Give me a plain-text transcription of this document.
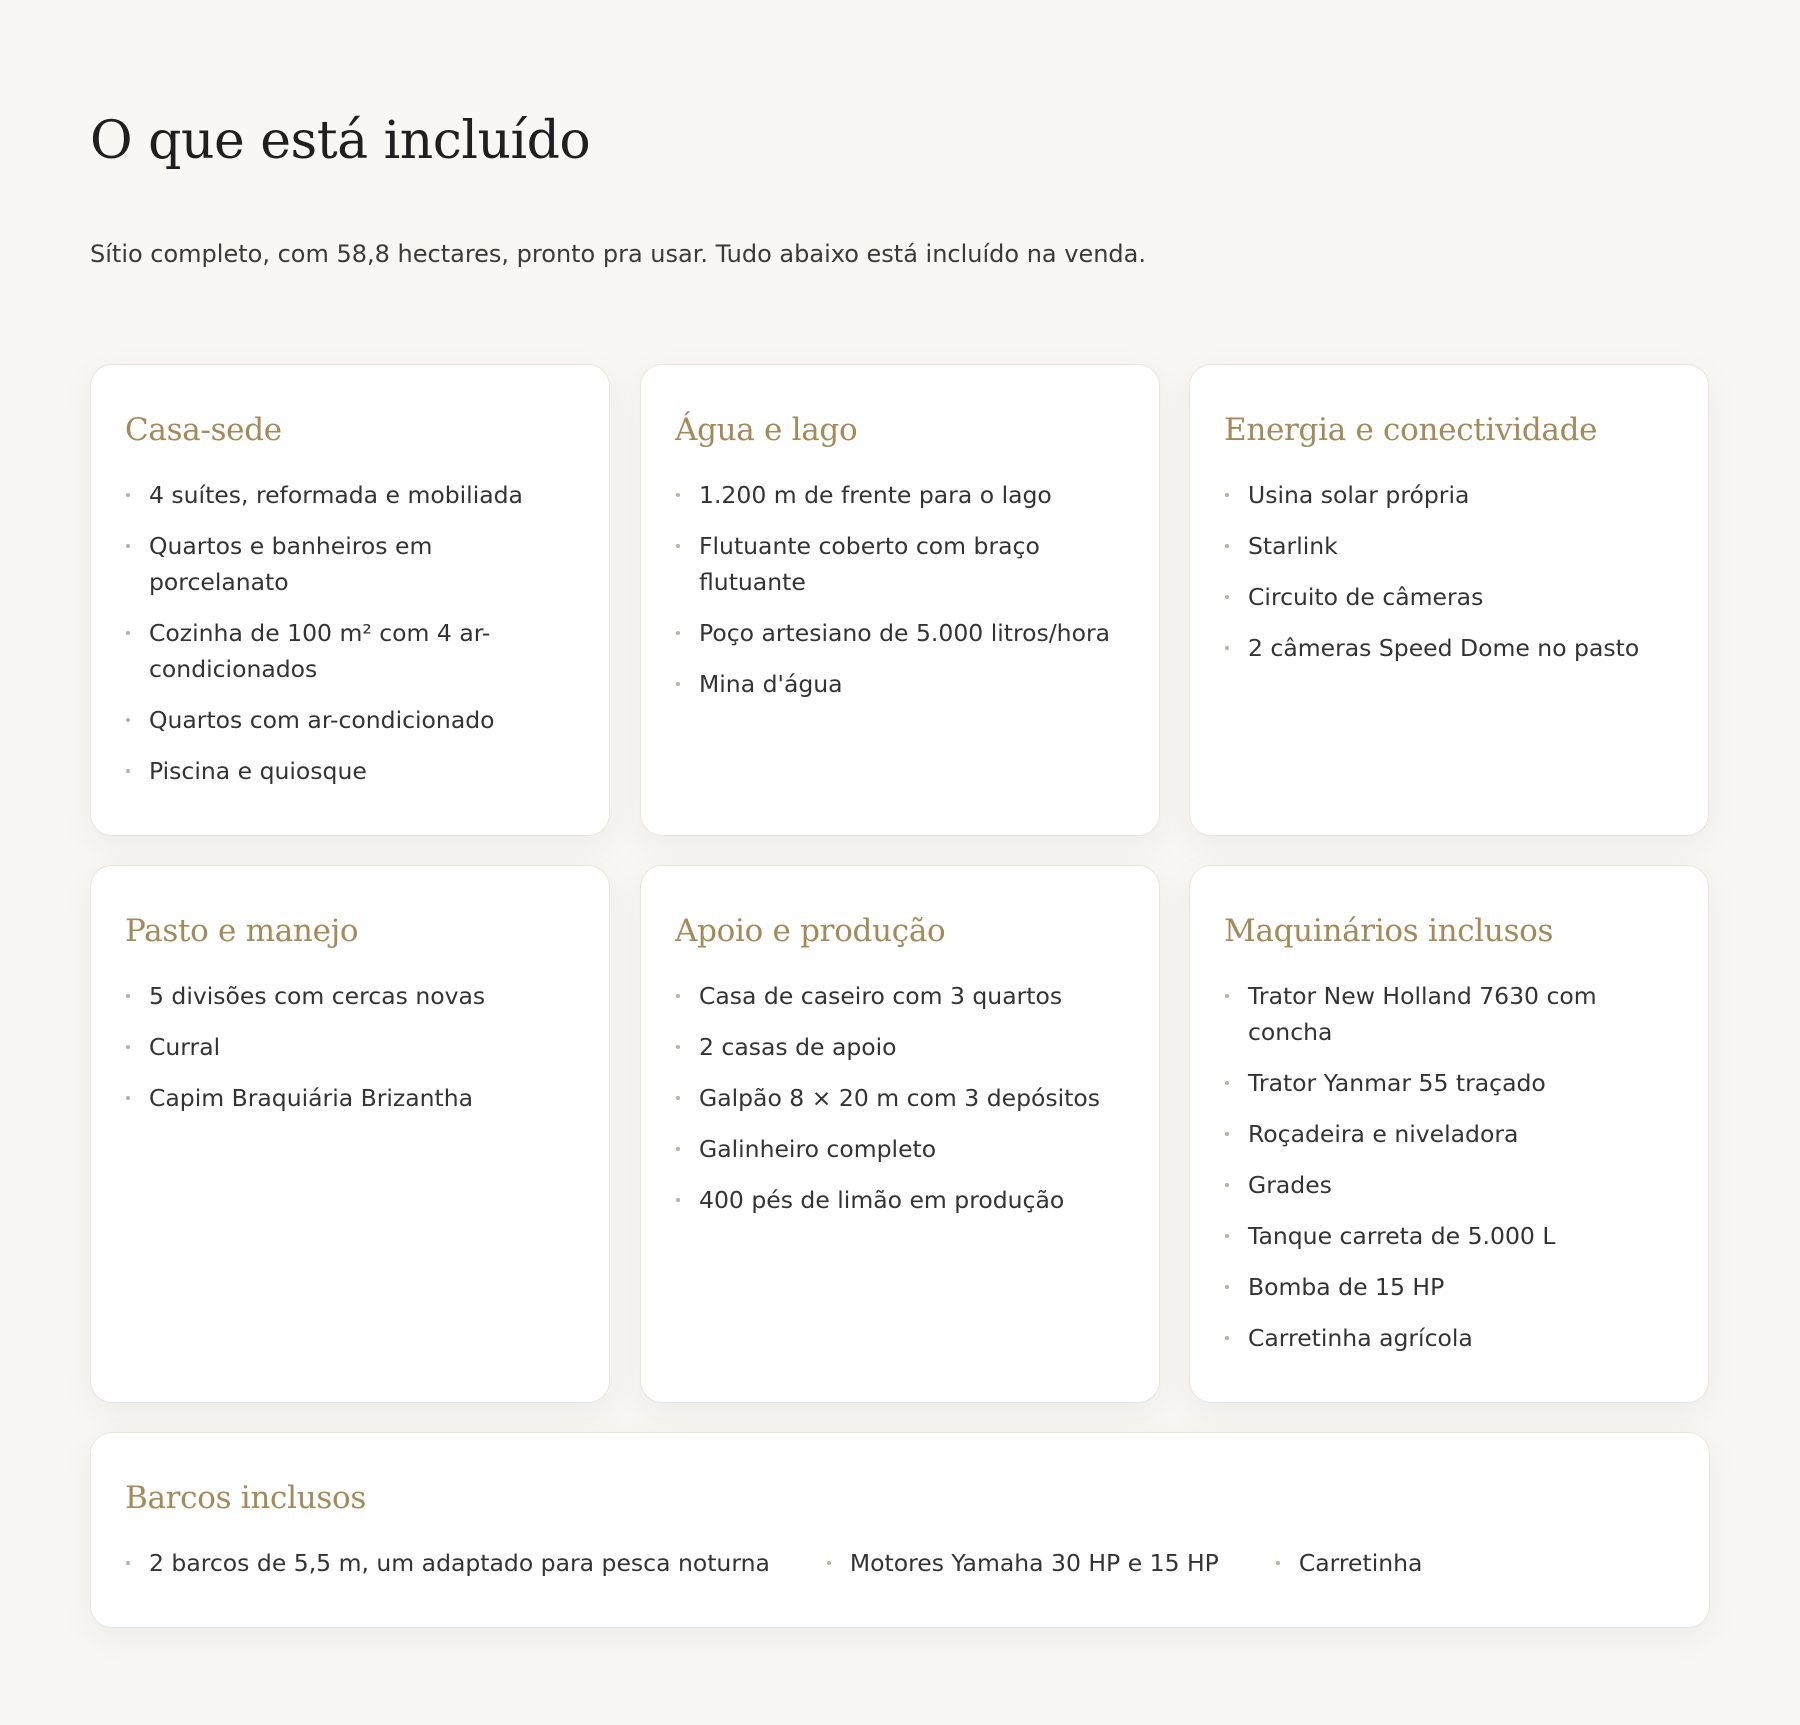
O que está incluído

Sítio completo, com 58,8 hectares, pronto pra usar. Tudo abaixo está incluído na venda.

Casa-sede
4 suítes, reformada e mobiliada
Quartos e banheiros em porcelanato
Cozinha de 100 m² com 4 ar-condicionados
Quartos com ar-condicionado
Piscina e quiosque
Água e lago
1.200 m de frente para o lago
Flutuante coberto com braço flutuante
Poço artesiano de 5.000 litros/hora
Mina d'água
Energia e conectividade
Usina solar própria
Starlink
Circuito de câmeras
2 câmeras Speed Dome no pasto
Pasto e manejo
5 divisões com cercas novas
Curral
Capim Braquiária Brizantha
Apoio e produção
Casa de caseiro com 3 quartos
2 casas de apoio
Galpão 8 × 20 m com 3 depósitos
Galinheiro completo
400 pés de limão em produção
Maquinários inclusos
Trator New Holland 7630 com concha
Trator Yanmar 55 traçado
Roçadeira e niveladora
Grades
Tanque carreta de 5.000 L
Bomba de 15 HP
Carretinha agrícola
Barcos inclusos
2 barcos de 5,5 m, um adaptado para pesca noturna	Motores Yamaha 30 HP e 15 HP	Carretinha
